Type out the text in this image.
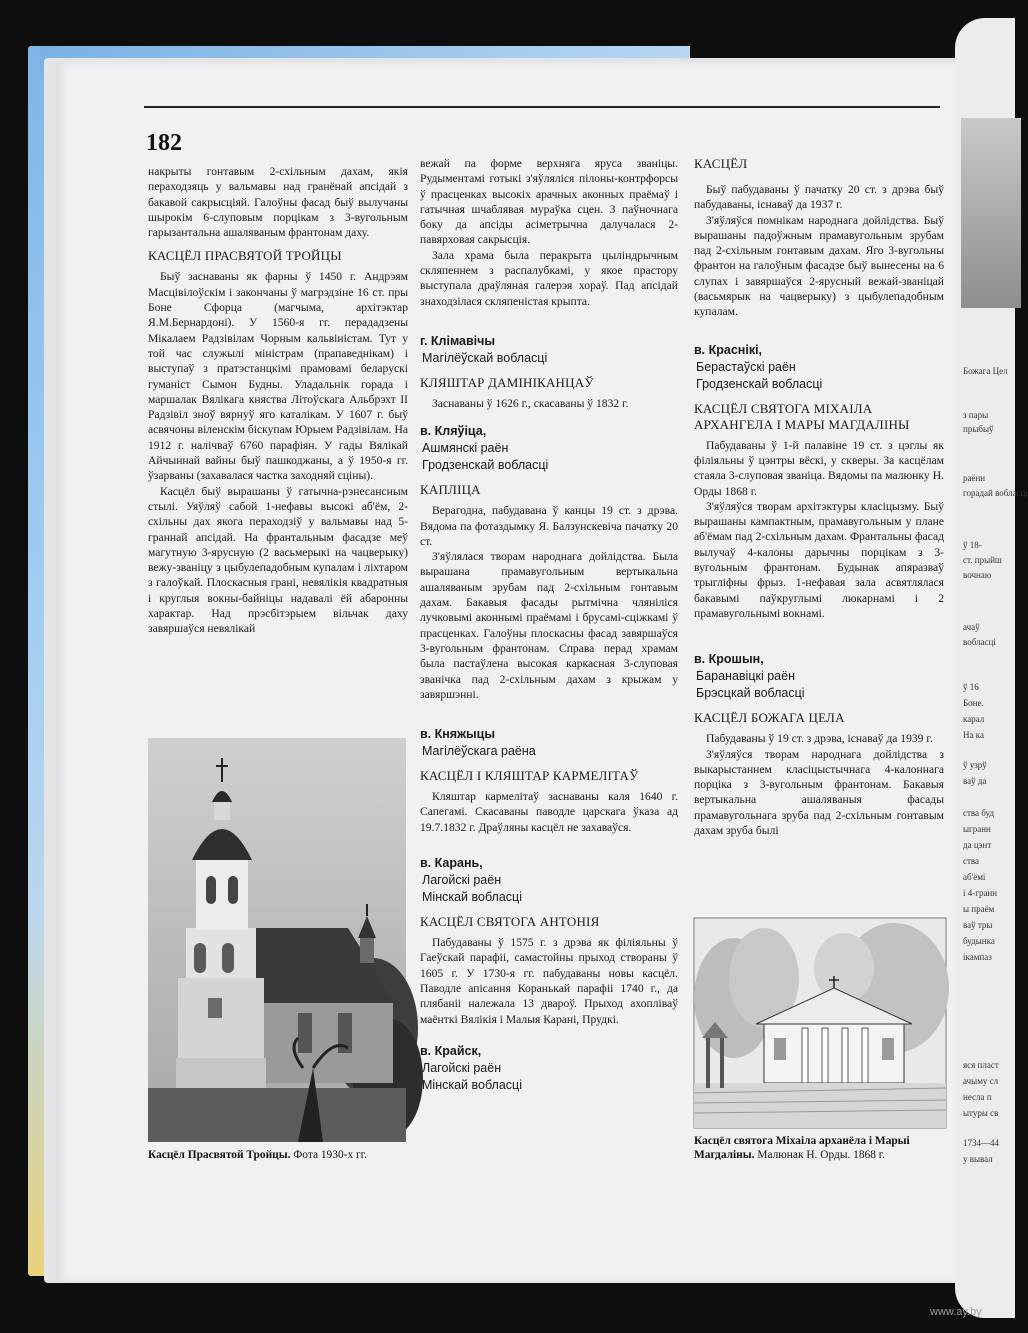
Божага Цел
з пары
прыбыў
раённ
горадай вобласці
ў 18-
ст. прыйш
вочнаю
ачаў
вобласці
ў 16
Боне.
карал
На ка
ў узрў
ваў да
ства буд
ыгранн
да цэнт
ства
аб'ёмі
і 4-гранн
ы праём
ваў тры
будынка
ікампаз
яся пласт
ачыму сл
несла п
ытуры св
1734—44
у вывал
182

накрыты гонтавым 2-схільным дахам, якія пераходзяць у вальмавы над гранёнай апсідай з бакавой сакрысціяй. Галоўны фасад быў вылучаны шырокім 6-слуповым порцікам з 3-вугольным гарызантальна ашаляваным франтонам даху.

КАСЦЁЛ ПРАСВЯТОЙ ТРОЙЦЫ

Быў заснаваны як фарны ў 1450 г. Андрэям Масцівілоўскім і закончаны ў магрэдзіне 16 ст. пры Боне Сфорца (магчыма, архітэктар Я.М.Бернардоні). У 1560-я гг. перададзены Мікалаем Радзівілам Чорным кальвіністам. Тут у той час служылі міністрам (прапаведнікам) і выступаў з пратэстанцкімі прамовамі беларускі гуманіст Сымон Будны. Уладальнік горада і маршалак Вялікага княства Літоўскага Альбрэхт II Радзівіл зноў вярнуў яго каталікам. У 1607 г. быў асвячоны віленскім біскупам Юрыем Радзівілам. На 1912 г. налічваў 6760 парафіян. У гады Вялікай Айчыннай вайны быў пашкоджаны, а ў 1950-я гг. ўзарваны (захавалася частка заходняй сціны).

Касцёл быў вырашаны ў гатычна-рэнесансным стылі. Уяўляў сабой 1-нефавы высокі аб'ём, 2-схільны дах якога пераходзіў у вальмавы над 5-граннай апсідай. На франтальным фасадзе меў магутную 3-ярусную (2 васьмерыкі на чацверыку) вежу-званіцу з цыбулепадобным купалам і ліхтаром з галоўкай. Плоскасныя грані, невялікія квадратныя і круглыя вокны-байніцы надавалі ёй абаронны характар. Над прэсбітэрыем вільчак даху завяршаўся невялікай

Касцёл Прасвятой Тройцы. Фота 1930-х гг.

вежай па форме верхняга яруса званіцы. Рудыментамі готыкі з'яўляліся пілоны-контрфорсы ў прасценках высокіх арачных аконных праёмаў і гатычная шчаблявая мураўка сцен. З паўночнага боку да апсіды асіметрычна далучалася 2-павярховая сакрысція.

Зала храма была перакрыта цыліндрычным скляпеннем з распалубкамі, у якое прастору выступала драўляная галерэя хораў. Пад апсідай знаходзілася скляпеністая крыпта.

г. Клімавічы
Магілёўскай вобласці
КЛЯШТАР ДАМІНІКАНЦАЎ

Заснаваны ў 1626 г., скасаваны ў 1832 г.

в. Кляўіца,
Ашмянскі раён
Гродзенскай вобласці
КАПЛІЦА

Верагодна, пабудавана ў канцы 19 ст. з дрэва. Вядома па фотаздымку Я. Балзунскевіча пачатку 20 ст.

З'яўлялася творам народнага дойлідства. Была вырашана прамавугольным вертыкальна ашаляваным зрубам пад 2-схільным гонтавым дахам. Бакавыя фасады рытмічна члянілiся лучковымі аконнымі праёмамі і брусамі-сціжкамі ў прасценках. Галоўны плоскасны фасад завяршаўся 3-вугольным франтонам. Справа перад храмам была пастаўлена высокая каркасная 3-слуповая званічка пад 2-схільным дахам з крыжам у завяршэнні.

в. Княжыцы
Магілёўскага раёна
КАСЦЁЛ І КЛЯШТАР КАРМЕЛІТАЎ

Кляштар кармелітаў заснаваны каля 1640 г. Сапегамі. Скасаваны паводле царскага ўказа ад 19.7.1832 г. Драўляны касцёл не захаваўся.

в. Карань,
Лагойскі раён
Мінскай вобласці
КАСЦЁЛ СВЯТОГА АНТОНІЯ

Пабудаваны ў 1575 г. з дрэва як філіяльны ў Гаеўскай парафіі, самастойны прыход створаны ў 1605 г. У 1730-я гг. пабудаваны новы касцёл. Паводле апісання Коранькай парафіі 1740 г., да плябаніі належала 13 двароў. Прыход ахопліваў маёнткі Вялікія і Малыя Карані, Прудкі.

в. Крайск,
Лагойскі раён
Мінскай вобласці
КАСЦЁЛ

Быў пабудаваны ў пачатку 20 ст. з дрэва быў пабудаваны, існаваў да 1937 г.

З'яўляўся помнікам народнага дойлідства. Быў вырашаны падоўжным прамавугольным зрубам пад 2-схільным гонтавым дахам. Яго 3-вугольны франтон на галоўным фасадзе быў вынесены на 6 слупах і завяршаўся 2-ярусный вежай-званіцай (васьмярык на чацверыку) з цыбулепадобным купалам.

в. Краснікі,
Берастаўскі раён
Гродзенскай вобласці
КАСЦЁЛ СВЯТОГА МІХАІЛА АРХАНГЕЛА І МАРЫ МАГДАЛІНЫ

Пабудаваны ў 1-й палавіне 19 ст. з цэглы як філіяльны ў цэнтры вёскі, у скверы. За касцёлам стаяла 3-слуповая званіца. Вядомы па малюнку Н. Орды 1868 г.

З'яўляўся творам архітэктуры класіцызму. Быў вырашаны кампактным, прамавугольным у плане аб'ёмам пад 2-схільным дахам. Франтальны фасад вылучаў 4-калоны дарычны порцікам з 3-вугольным франтонам. Будынак апяразваў трыгліфны фрыз. 1-нефавая зала асвятлялася бакавымі паўкруглымі люкарнамі і 2 прамавугольнымі вокнамі.

в. Крошын,
Баранавіцкі раён
Брэсцкай вобласці
КАСЦЁЛ БОЖАГА ЦЕЛА

Пабудаваны ў 19 ст. з дрэва, існаваў да 1939 г.

З'яўляўся творам народнага дойлідства з выкарыстаннем класіцыстычнага 4-калоннага порціка з 3-вугольным франтонам. Бакавыя вертыкальна ашаляваныя фасады прамавугольнага зруба пад 2-схільным гонтавым дахам зруба былі

Касцёл святога Міхаіла арханёла і Марыі Магдаліны. Малюнак Н. Орды. 1868 г.
www.ay.by
